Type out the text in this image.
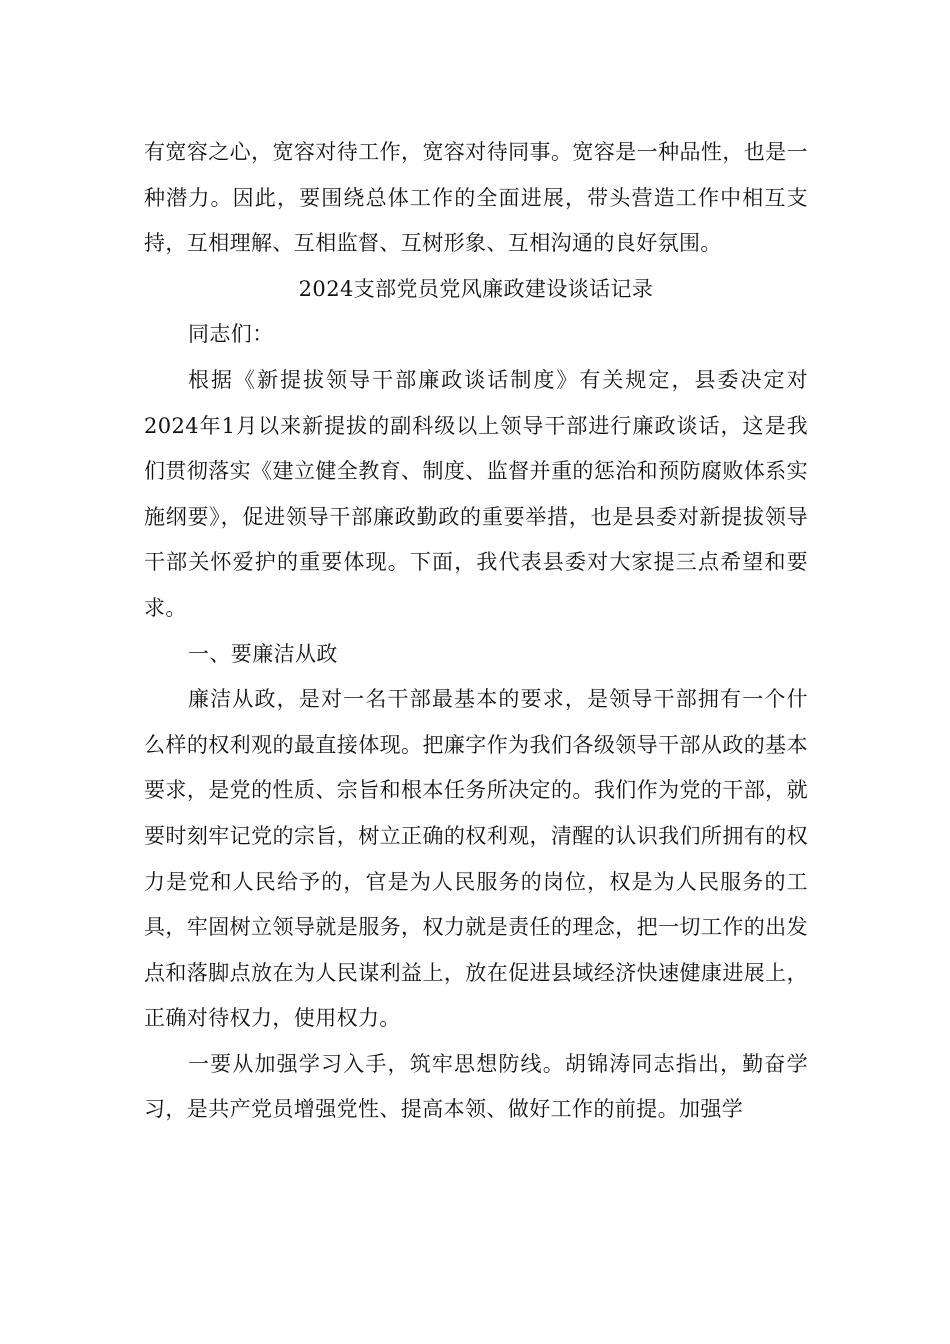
有宽容之心，宽容对待工作，宽容对待同事。宽容是一种品性，也是一种潜力。因此，要围绕总体工作的全面进展，带头营造工作中相互支持，互相理解、互相监督、互树形象、互相沟通的良好氛围。

2024支部党员党风廉政建设谈话记录

同志们：

根据《新提拔领导干部廉政谈话制度》有关规定，县委决定对2024年1月以来新提拔的副科级以上领导干部进行廉政谈话，这是我们贯彻落实《建立健全教育、制度、监督并重的惩治和预防腐败体系实施纲要》，促进领导干部廉政勤政的重要举措，也是县委对新提拔领导干部关怀爱护的重要体现。下面，我代表县委对大家提三点希望和要求。

一、要廉洁从政

廉洁从政，是对一名干部最基本的要求，是领导干部拥有一个什么样的权利观的最直接体现。把廉字作为我们各级领导干部从政的基本要求，是党的性质、宗旨和根本任务所决定的。我们作为党的干部，就要时刻牢记党的宗旨，树立正确的权利观，清醒的认识我们所拥有的权力是党和人民给予的，官是为人民服务的岗位，权是为人民服务的工具，牢固树立领导就是服务，权力就是责任的理念，把一切工作的出发点和落脚点放在为人民谋利益上，放在促进县域经济快速健康进展上，正确对待权力，使用权力。

一要从加强学习入手，筑牢思想防线。胡锦涛同志指出，勤奋学习，是共产党员增强党性、提高本领、做好工作的前提。加强学
